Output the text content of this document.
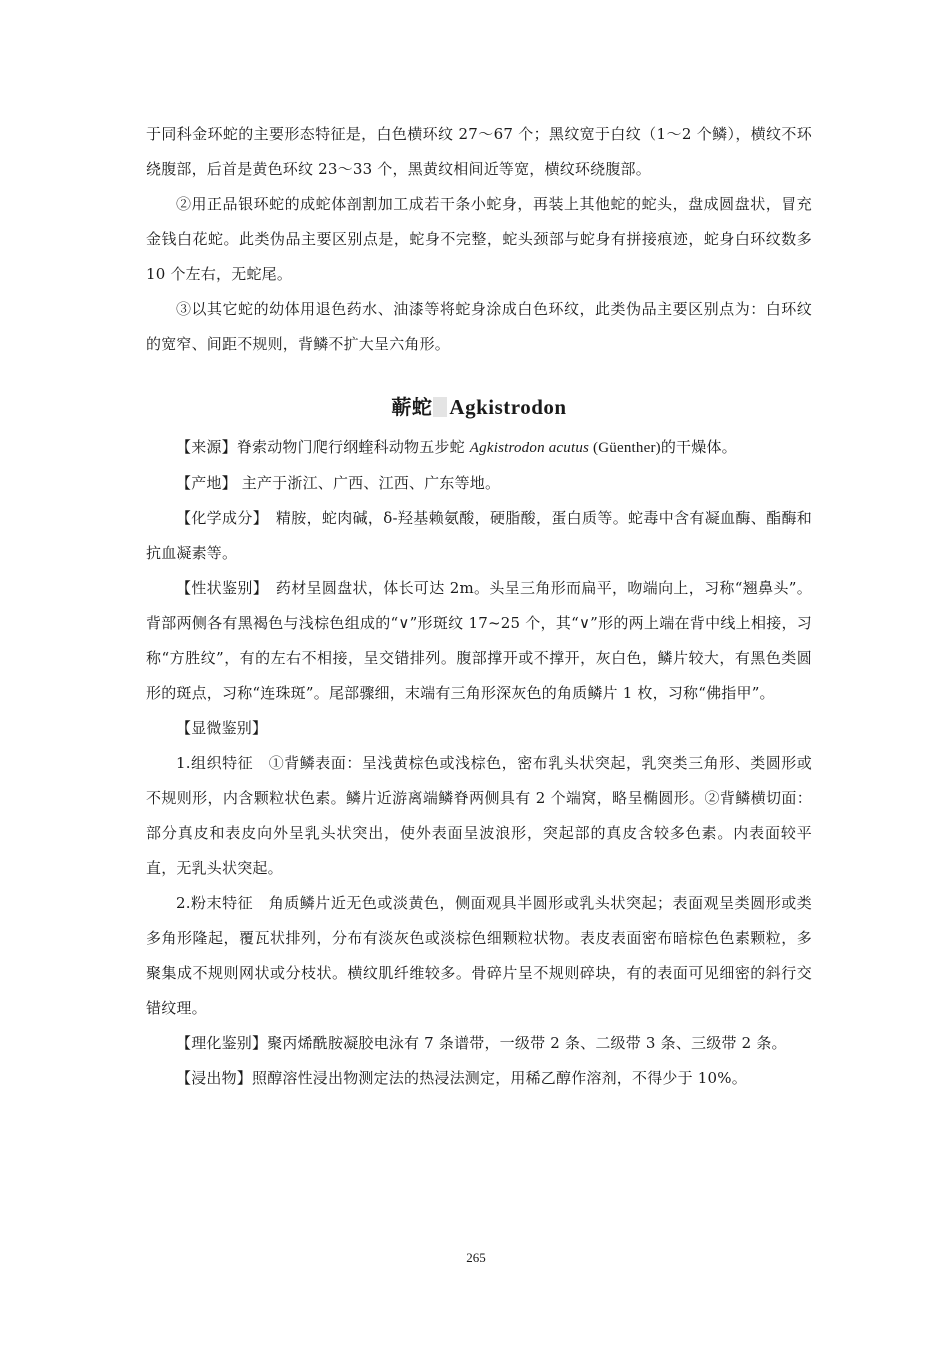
于同科金环蛇的主要形态特征是，白色横环纹 27～67 个；黑纹宽于白纹（1～2 个鳞），横纹不环绕腹部，后首是黄色环纹 23～33 个，黑黄纹相间近等宽，横纹环绕腹部。

②用正品银环蛇的成蛇体剖割加工成若干条小蛇身，再装上其他蛇的蛇头，盘成圆盘状，冒充金钱白花蛇。此类伪品主要区别点是，蛇身不完整，蛇头颈部与蛇身有拼接痕迹，蛇身白环纹数多 10 个左右，无蛇尾。

③以其它蛇的幼体用退色药水、油漆等将蛇身涂成白色环纹，此类伪品主要区别点为：白环纹的宽窄、间距不规则，背鳞不扩大呈六角形。

蕲蛇 Agkistrodon

【来源】脊索动物门爬行纲蝰科动物五步蛇 Agkistrodon acutus (Güenther)的干燥体。

【产地】 主产于浙江、广西、江西、广东等地。

【化学成分】　精胺，蛇肉碱，δ-羟基赖氨酸，硬脂酸，蛋白质等。蛇毒中含有凝血酶、酯酶和抗血凝素等。

【性状鉴别】　药材呈圆盘状，体长可达 2m。头呈三角形而扁平，吻端向上，习称“翘鼻头”。背部两侧各有黑褐色与浅棕色组成的“∨”形斑纹 17~25 个，其“∨”形的两上端在背中线上相接，习称“方胜纹”，有的左右不相接，呈交错排列。腹部撑开或不撑开，灰白色，鳞片较大，有黑色类圆形的斑点，习称“连珠斑”。尾部骤细，末端有三角形深灰色的角质鳞片 1 枚，习称“佛指甲”。

【显微鉴别】

1.组织特征　①背鳞表面：呈浅黄棕色或浅棕色，密布乳头状突起，乳突类三角形、类圆形或不规则形，内含颗粒状色素。鳞片近游离端鳞脊两侧具有 2 个端窝，略呈椭圆形。②背鳞横切面：部分真皮和表皮向外呈乳头状突出，使外表面呈波浪形，突起部的真皮含较多色素。内表面较平直，无乳头状突起。

2.粉末特征　角质鳞片近无色或淡黄色，侧面观具半圆形或乳头状突起；表面观呈类圆形或类多角形隆起，覆瓦状排列，分布有淡灰色或淡棕色细颗粒状物。表皮表面密布暗棕色色素颗粒，多聚集成不规则网状或分枝状。横纹肌纤维较多。骨碎片呈不规则碎块，有的表面可见细密的斜行交错纹理。

【理化鉴别】聚丙烯酰胺凝胶电泳有 7 条谱带，一级带 2 条、二级带 3 条、三级带 2 条。

【浸出物】照醇溶性浸出物测定法的热浸法测定，用稀乙醇作溶剂，不得少于 10%。

265
